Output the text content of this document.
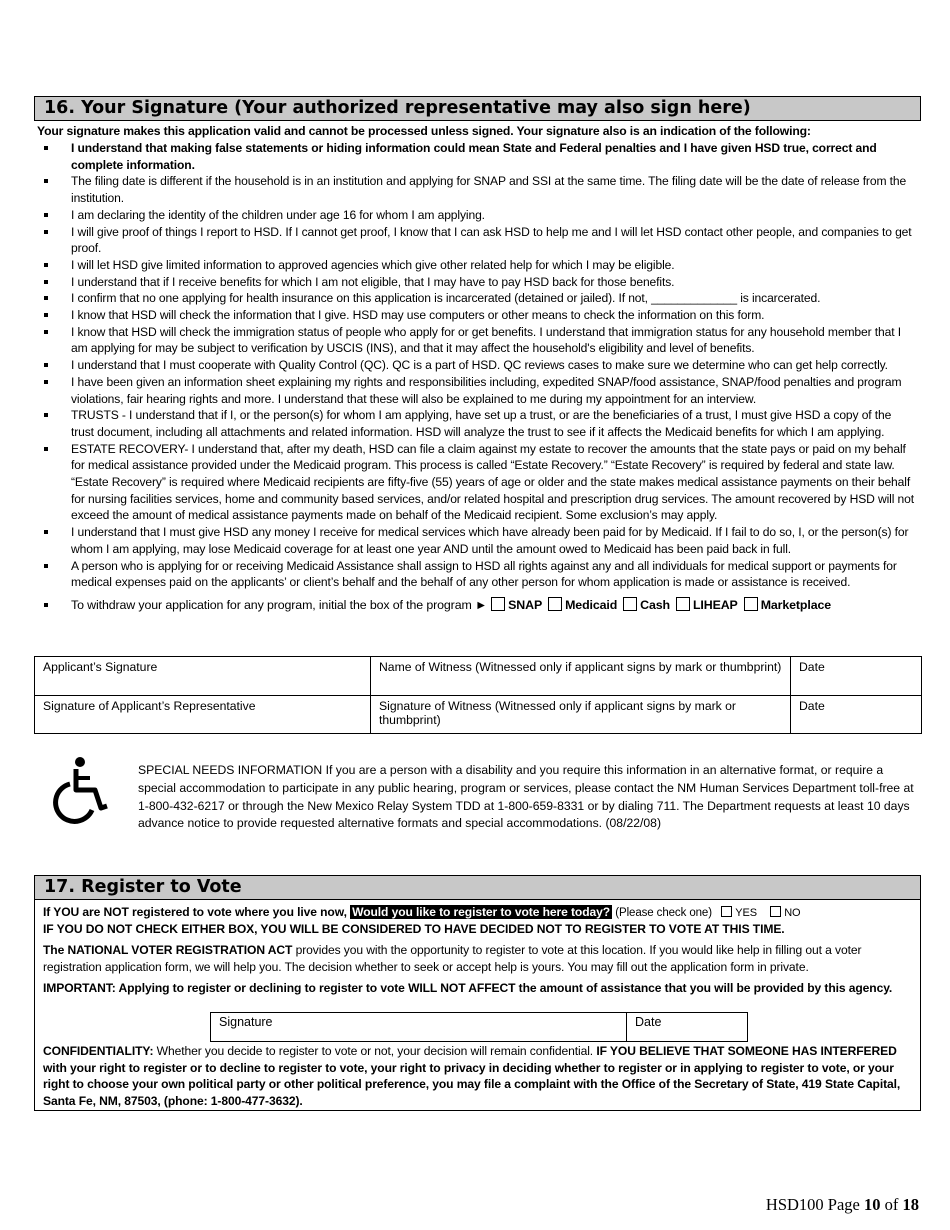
16. Your Signature (Your authorized representative may also sign here)
Your signature makes this application valid and cannot be processed unless signed. Your signature also is an indication of the following:
I understand that making false statements or hiding information could mean State and Federal penalties and I have given HSD true, correct and complete information.
The filing date is different if the household is in an institution and applying for SNAP and SSI at the same time. The filing date will be the date of release from the institution.
I am declaring the identity of the children under age 16 for whom I am applying.
I will give proof of things I report to HSD. If I cannot get proof, I know that I can ask HSD to help me and I will let HSD contact other people, and companies to get proof.
I will let HSD give limited information to approved agencies which give other related help for which I may be eligible.
I understand that if I receive benefits for which I am not eligible, that I may have to pay HSD back for those benefits.
I confirm that no one applying for health insurance on this application is incarcerated (detained or jailed). If not, _____________ is incarcerated.
I know that HSD will check the information that I give. HSD may use computers or other means to check the information on this form.
I know that HSD will check the immigration status of people who apply for or get benefits. I understand that immigration status for any household member that I am applying for may be subject to verification by USCIS (INS), and that it may affect the household's eligibility and level of benefits.
I understand that I must cooperate with Quality Control (QC). QC is a part of HSD. QC reviews cases to make sure we determine who can get help correctly.
I have been given an information sheet explaining my rights and responsibilities including, expedited SNAP/food assistance, SNAP/food penalties and program violations, fair hearing rights and more. I understand that these will also be explained to me during my appointment for an interview.
TRUSTS - I understand that if I, or the person(s) for whom I am applying, have set up a trust, or are the beneficiaries of a trust, I must give HSD a copy of the trust document, including all attachments and related information. HSD will analyze the trust to see if it affects the Medicaid benefits for which I am applying.
ESTATE RECOVERY- I understand that, after my death, HSD can file a claim against my estate to recover the amounts that the state pays or paid on my behalf for medical assistance provided under the Medicaid program. This process is called “Estate Recovery.” “Estate Recovery” is required by federal and state law. “Estate Recovery” is required where Medicaid recipients are fifty-five (55) years of age or older and the state makes medical assistance payments on their behalf for nursing facilities services, home and community based services, and/or related hospital and prescription drug services. The amount recovered by HSD will not exceed the amount of medical assistance payments made on behalf of the Medicaid recipient. Some exclusion’s may apply.
I understand that I must give HSD any money I receive for medical services which have already been paid for by Medicaid. If I fail to do so, I, or the person(s) for whom I am applying, may lose Medicaid coverage for at least one year AND until the amount owed to Medicaid has been paid back in full.
A person who is applying for or receiving Medicaid Assistance shall assign to HSD all rights against any and all individuals for medical support or payments for medical expenses paid on the applicants’ or client’s behalf and the behalf of any other person for whom application is made or assistance is received.
To withdraw your application for any program, initial the box of the program ► SNAP Medicaid Cash LIHEAP Marketplace
Applicant’s Signature	Name of Witness (Witnessed only if applicant signs by mark or thumbprint)	Date
Signature of Applicant’s Representative	Signature of Witness (Witnessed only if applicant signs by mark or thumbprint)	Date
SPECIAL NEEDS INFORMATION If you are a person with a disability and you require this information in an alternative format, or require a special accommodation to participate in any public hearing, program or services, please contact the NM Human Services Department toll-free at 1-800-432-6217 or through the New Mexico Relay System TDD at 1-800-659-8331 or by dialing 711. The Department requests at least 10 days advance notice to provide requested alternative formats and special accommodations. (08/22/08)
17. Register to Vote
If YOU are NOT registered to vote where you live now, Would you like to register to vote here today? (Please check one) YES NO
IF YOU DO NOT CHECK EITHER BOX, YOU WILL BE CONSIDERED TO HAVE DECIDED NOT TO REGISTER TO VOTE AT THIS TIME.
The NATIONAL VOTER REGISTRATION ACT provides you with the opportunity to register to vote at this location. If you would like help in filling out a voter registration application form, we will help you. The decision whether to seek or accept help is yours. You may fill out the application form in private.
IMPORTANT: Applying to register or declining to register to vote WILL NOT AFFECT the amount of assistance that you will be provided by this agency.
Signature	Date
CONFIDENTIALITY: Whether you decide to register to vote or not, your decision will remain confidential. IF YOU BELIEVE THAT SOMEONE HAS INTERFERED with your right to register or to decline to register to vote, your right to privacy in deciding whether to register or in applying to register to vote, or your right to choose your own political party or other political preference, you may file a complaint with the Office of the Secretary of State, 419 State Capital, Santa Fe, NM, 87503, (phone: 1-800-477-3632).
HSD100 Page 10 of 18
